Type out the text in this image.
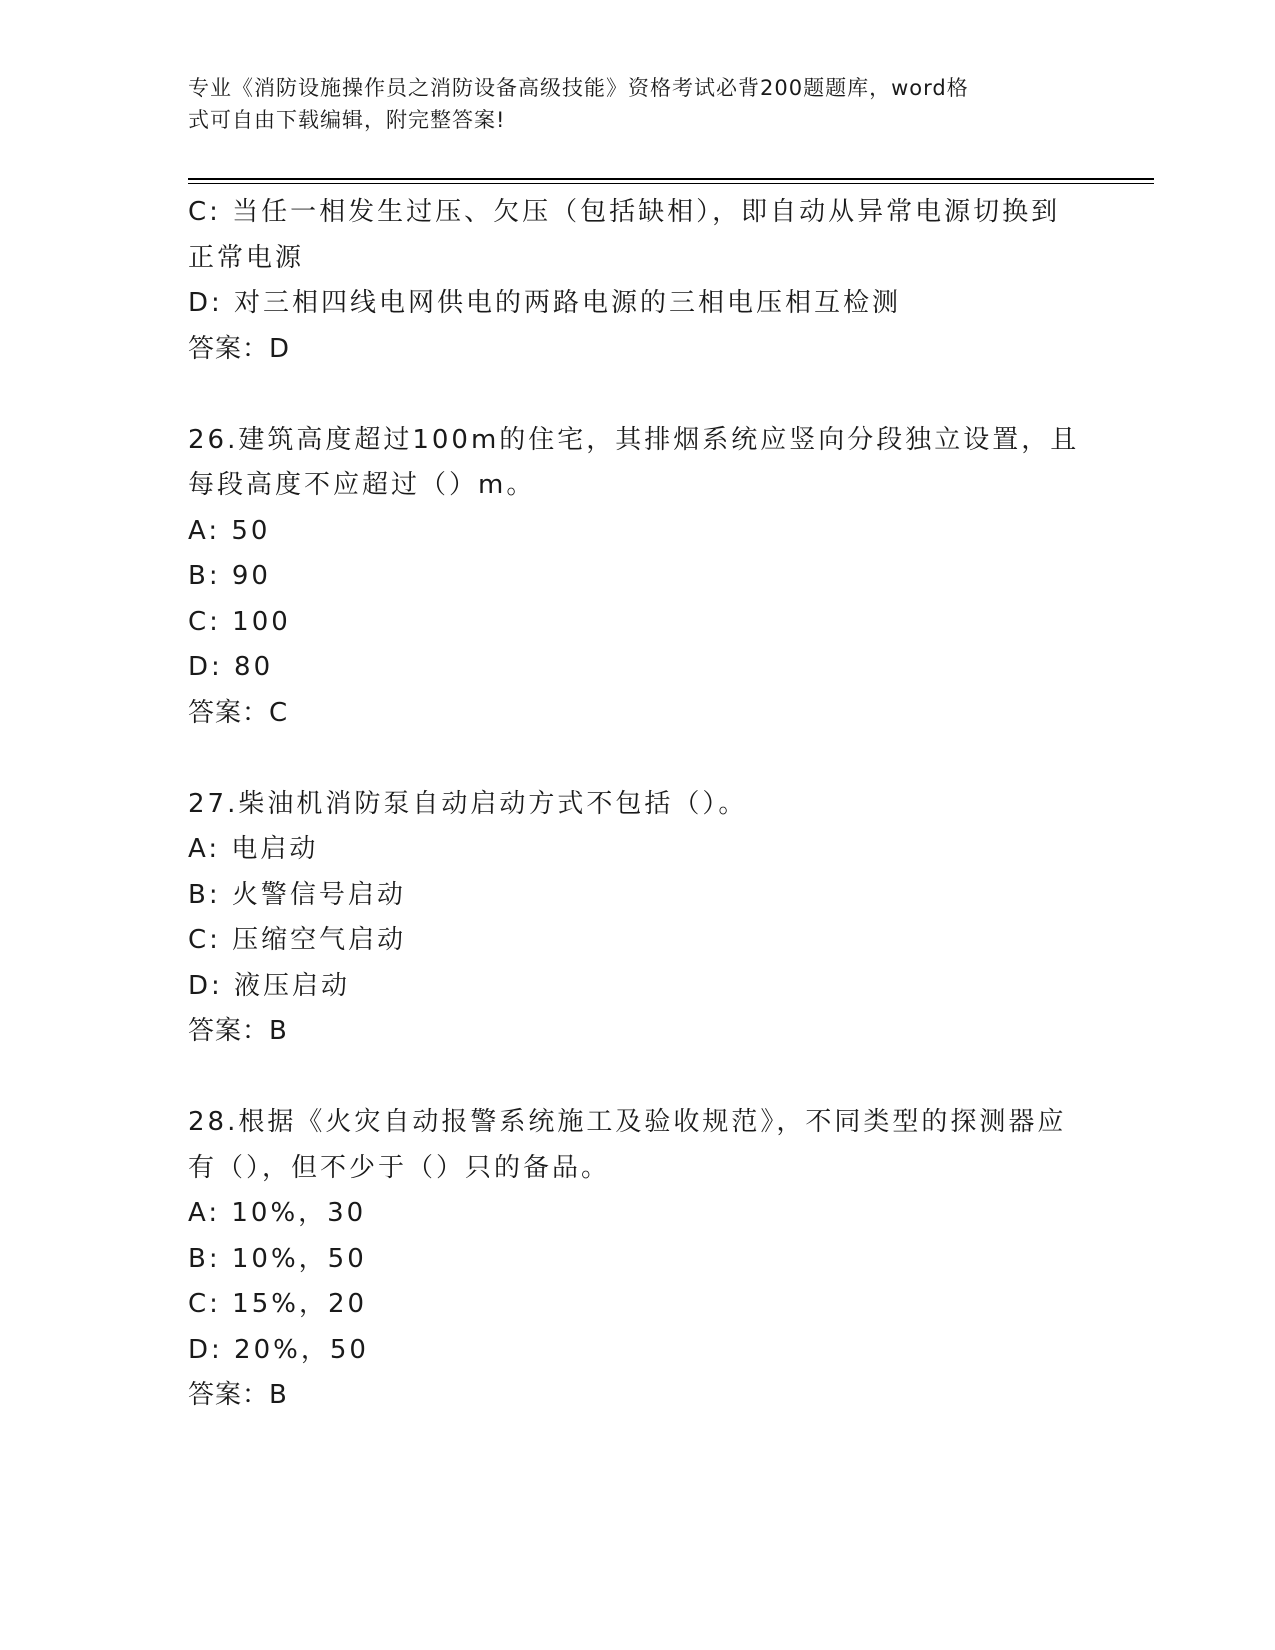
专业《消防设施操作员之消防设备高级技能》资格考试必背200题题库，word格
式可自由下载编辑，附完整答案!
C: 当任一相发生过压、欠压（包括缺相），即自动从异常电源切换到
正常电源
D: 对三相四线电网供电的两路电源的三相电压相互检测
答案：D
26.建筑高度超过100m的住宅，其排烟系统应竖向分段独立设置，且
每段高度不应超过（）m。
A: 50
B: 90
C: 100
D: 80
答案：C
27.柴油机消防泵自动启动方式不包括（）。
A: 电启动
B: 火警信号启动
C: 压缩空气启动
D: 液压启动
答案：B
28.根据《火灾自动报警系统施工及验收规范》，不同类型的探测器应
有（），但不少于（）只的备品。
A: 10%，30
B: 10%，50
C: 15%，20
D: 20%，50
答案：B
